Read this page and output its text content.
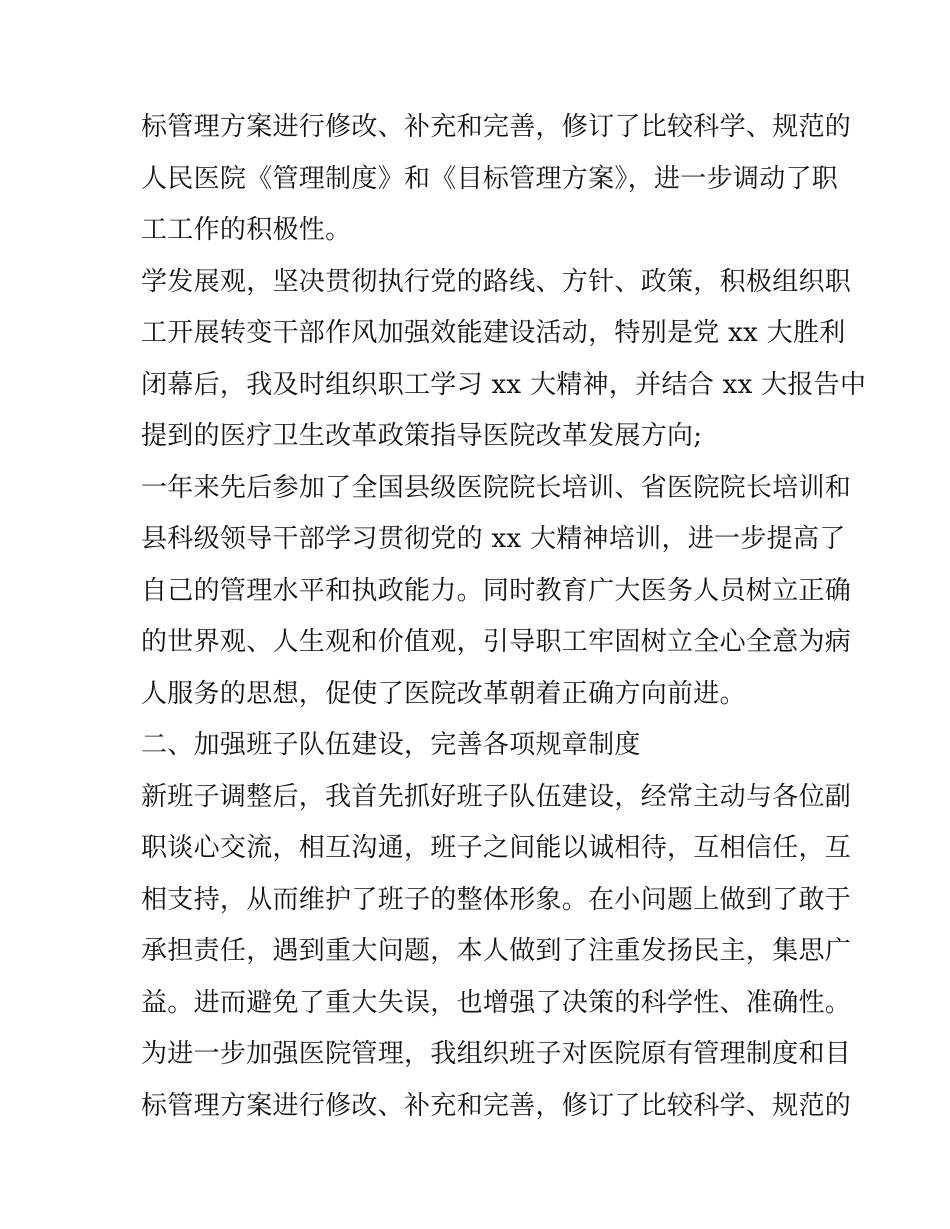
标管理方案进行修改、补充和完善，修订了比较科学、规范的
人民医院《管理制度》和《目标管理方案》，进一步调动了职
工工作的积极性。
学发展观，坚决贯彻执行党的路线、方针、政策，积极组织职
工开展转变干部作风加强效能建设活动，特别是党 xx 大胜利
闭幕后，我及时组织职工学习 xx 大精神，并结合 xx 大报告中
提到的医疗卫生改革政策指导医院改革发展方向;
一年来先后参加了全国县级医院院长培训、省医院院长培训和
县科级领导干部学习贯彻党的 xx 大精神培训，进一步提高了
自己的管理水平和执政能力。同时教育广大医务人员树立正确
的世界观、人生观和价值观，引导职工牢固树立全心全意为病
人服务的思想，促使了医院改革朝着正确方向前进。
二、加强班子队伍建设，完善各项规章制度
新班子调整后，我首先抓好班子队伍建设，经常主动与各位副
职谈心交流，相互沟通，班子之间能以诚相待，互相信任，互
相支持，从而维护了班子的整体形象。在小问题上做到了敢于
承担责任，遇到重大问题，本人做到了注重发扬民主，集思广
益。进而避免了重大失误，也增强了决策的科学性、准确性。
为进一步加强医院管理，我组织班子对医院原有管理制度和目
标管理方案进行修改、补充和完善，修订了比较科学、规范的
